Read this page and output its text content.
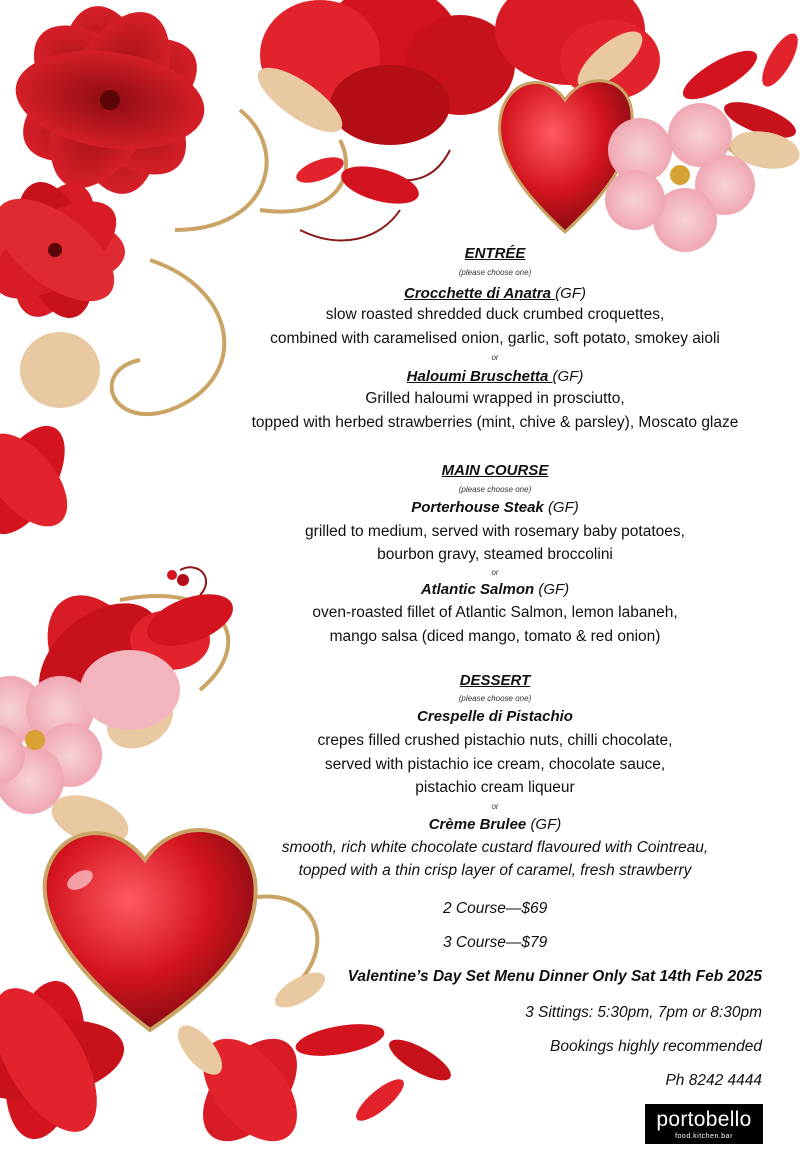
ENTRÉE
(please choose one)
Crocchette di Anatra (GF)
slow roasted shredded duck crumbed croquettes,
combined with caramelised onion, garlic, soft potato, smokey aioli
or
Haloumi Bruschetta (GF)
Grilled haloumi wrapped in prosciutto,
topped with herbed strawberries (mint, chive & parsley), Moscato glaze
MAIN COURSE
(please choose one)
Porterhouse Steak (GF)
grilled to medium, served with rosemary baby potatoes,
bourbon gravy, steamed broccolini
or
Atlantic Salmon (GF)
oven-roasted fillet of Atlantic Salmon, lemon labaneh,
mango salsa (diced mango, tomato & red onion)
DESSERT
(please choose one)
Crespelle di Pistachio
crepes filled crushed pistachio nuts, chilli chocolate,
served with pistachio ice cream, chocolate sauce,
pistachio cream liqueur
or
Crème Brulee (GF)
smooth, rich white chocolate custard flavoured with Cointreau,
topped with a thin crisp layer of caramel, fresh strawberry
2 Course—$69
3 Course—$79
Valentine’s Day Set Menu Dinner Only Sat 14th Feb 2025
3 Sittings: 5:30pm, 7pm or 8:30pm
Bookings highly recommended
Ph 8242 4444
portobello
food.kitchen.bar
